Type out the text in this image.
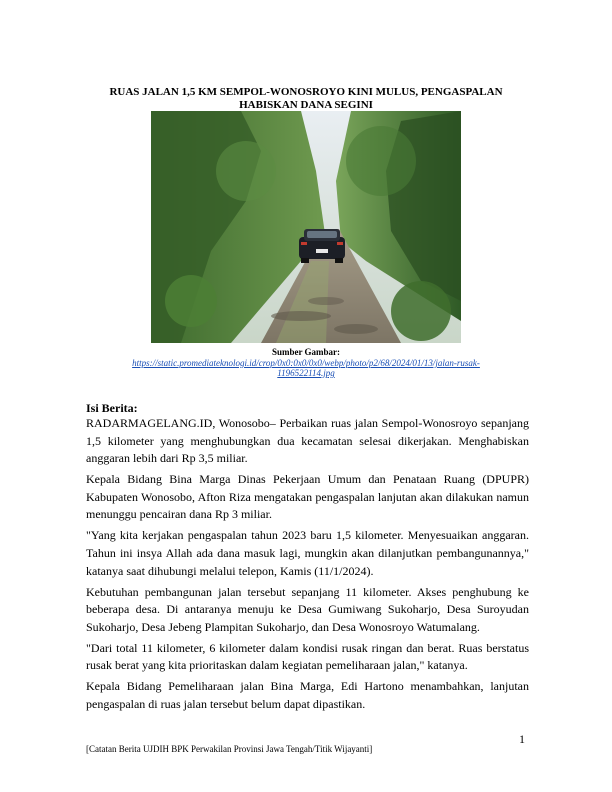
RUAS JALAN 1,5 KM SEMPOL-WONOSROYO KINI MULUS, PENGASPALAN
HABISKAN DANA SEGINI
Sumber Gambar:
https://static.promediateknologi.id/crop/0x0:0x0/0x0/webp/photo/p2/68/2024/01/13/jalan-rusak-
1196522114.jpg
Isi Berita:

RADARMAGELANG.ID, Wonosobo– Perbaikan ruas jalan Sempol-Wonosroyo sepanjang 1,5 kilometer yang menghubungkan dua kecamatan selesai dikerjakan. Menghabiskan anggaran lebih dari Rp 3,5 miliar.

Kepala Bidang Bina Marga Dinas Pekerjaan Umum dan Penataan Ruang (DPUPR) Kabupaten Wonosobo, Afton Riza mengatakan pengaspalan lanjutan akan dilakukan namun menunggu pencairan dana Rp 3 miliar.

"Yang kita kerjakan pengaspalan tahun 2023 baru 1,5 kilometer. Menyesuaikan anggaran. Tahun ini insya Allah ada dana masuk lagi, mungkin akan dilanjutkan pembangunannya," katanya saat dihubungi melalui telepon, Kamis (11/1/2024).

Kebutuhan pembangunan jalan tersebut sepanjang 11 kilometer. Akses penghubung ke beberapa desa. Di antaranya menuju ke Desa Gumiwang Sukoharjo, Desa Suroyudan Sukoharjo, Desa Jebeng Plampitan Sukoharjo, dan Desa Wonosroyo Watumalang.

"Dari total 11 kilometer, 6 kilometer dalam kondisi rusak ringan dan berat. Ruas berstatus rusak berat yang kita prioritaskan dalam kegiatan pemeliharaan jalan," katanya.

Kepala Bidang Pemeliharaan jalan Bina Marga, Edi Hartono menambahkan, lanjutan pengaspalan di ruas jalan tersebut belum dapat dipastikan.

1
[Catatan Berita UJDIH BPK Perwakilan Provinsi Jawa Tengah/Titik Wijayanti]
